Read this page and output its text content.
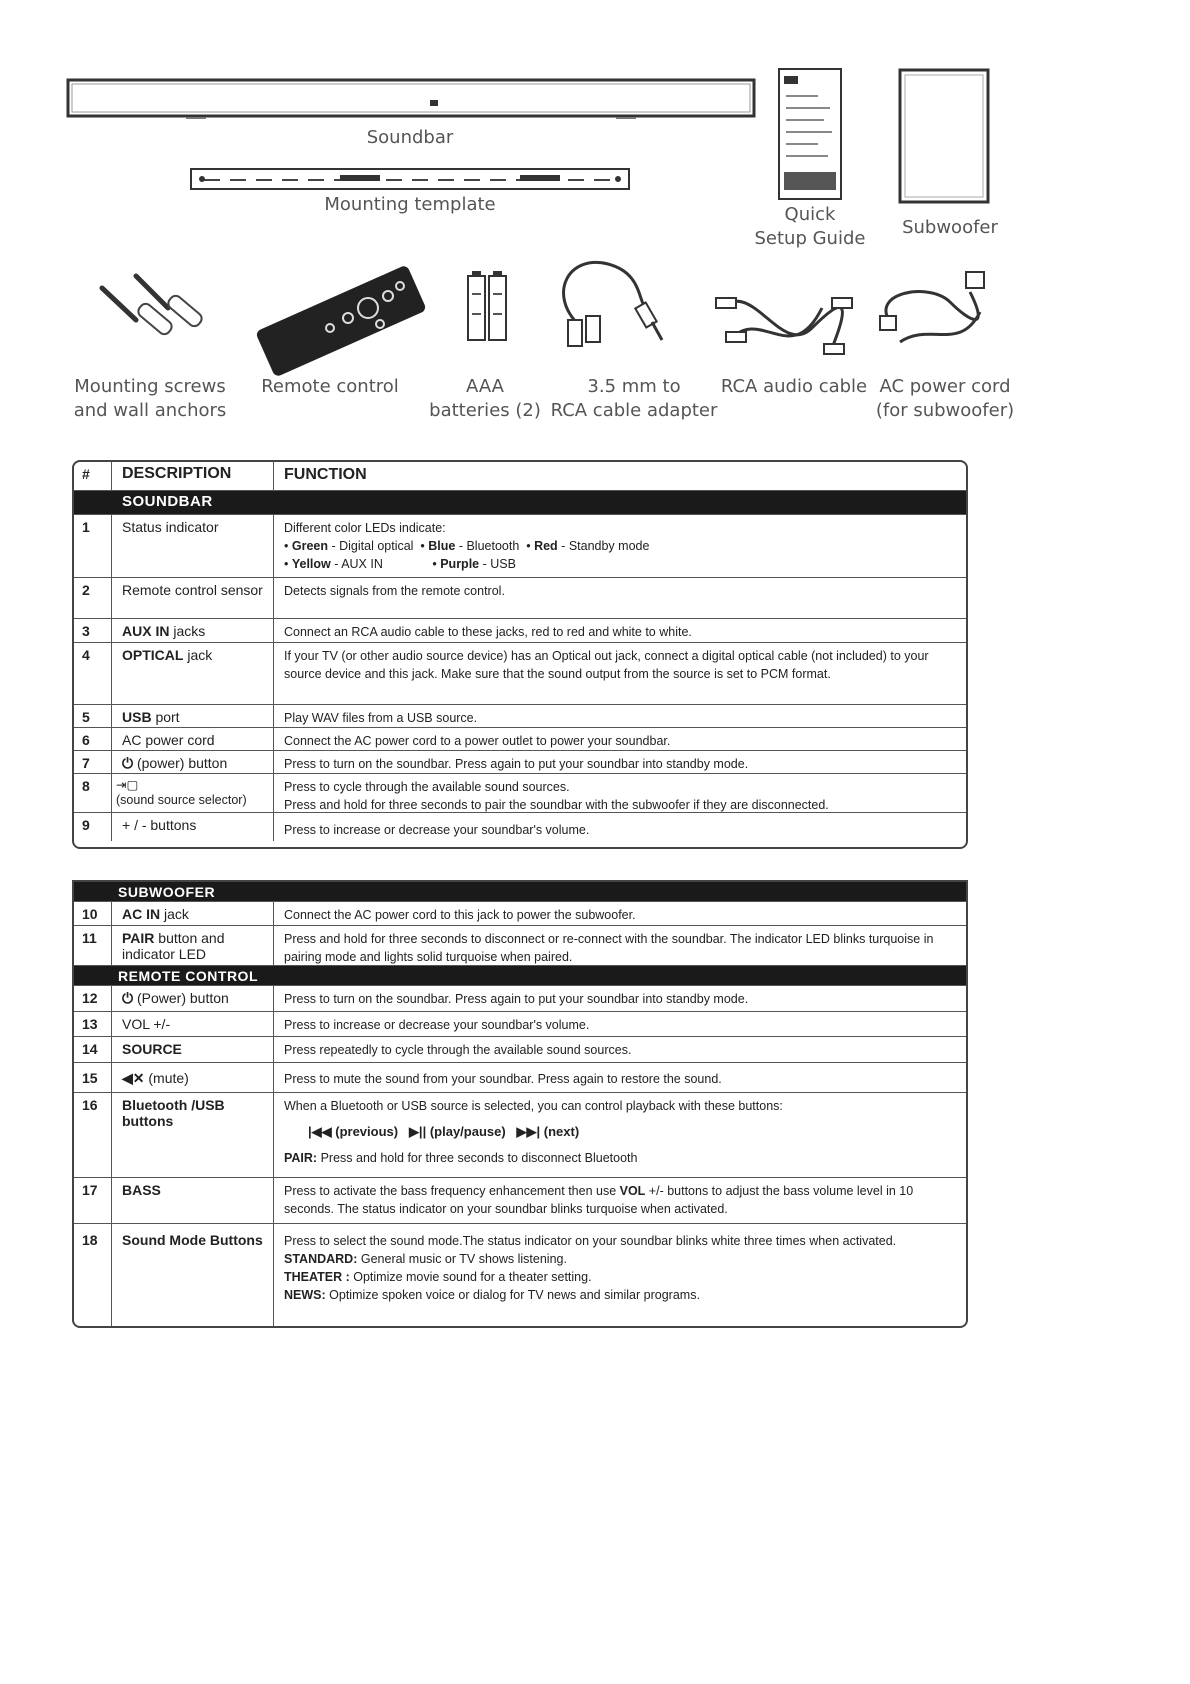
Soundbar
Mounting template	Quick
Setup Guide
Subwoofer
Mounting screws
and wall anchors
Remote control	AAA
batteries (2)
3.5 mm to
RCA cable adapter
RCA audio cable AC power cord
(for subwoofer)
#	DESCRIPTION	FUNCTION
SOUNDBAR
1	Status indicator	Different color LEDs indicate:
• Green - Digital optical  • Blue - Bluetooth  • Red - Standby mode
• Yellow - AUX IN	• Purple - USB
2	Remote control sensor	Detects signals from the remote control.
3	AUX IN jacks	Connect an RCA audio cable to these jacks, red to red and white to white.
4	OPTICAL jack	If your TV (or other audio source device) has an Optical out jack, connect a digital optical cable (not included) to your source device and this jack. Make sure that the sound output from the source is set to PCM format.
5	USB port	Play WAV files from a USB source.
6	AC power cord	Connect the AC power cord to a power outlet to power your soundbar.
7	⏻ (power) button	Press to turn on the soundbar. Press again to put your soundbar into standby mode.
8	⇥▢
(sound source selector)
Press to cycle through the available sound sources.
Press and hold for three seconds to pair the soundbar with the subwoofer if they are disconnected.
9	+ / - buttons	Press to increase or decrease your soundbar's volume.
SUBWOOFER
10	AC IN jack	Connect the AC power cord to this jack to power the subwoofer.
11	PAIR button and indicator LED
Press and hold for three seconds to disconnect or re-connect with the soundbar. The indicator LED blinks turquoise in pairing mode and lights solid turquoise when paired.
REMOTE CONTROL
12	⏻ (Power) button	Press to turn on the soundbar. Press again to put your soundbar into standby mode.
13	VOL +/-	Press to increase or decrease your soundbar's volume.
14	SOURCE	Press repeatedly to cycle through the available sound sources.
15	◀✕ (mute)	Press to mute the sound from your soundbar. Press again to restore the sound.
16	Bluetooth /USB buttons
When a Bluetooth or USB source is selected, you can control playback with these buttons:
|◀◀ (previous) ▶|| (play/pause) ▶▶| (next)
PAIR: Press and hold for three seconds to disconnect Bluetooth
17	BASS	Press to activate the bass frequency enhancement then use VOL +/- buttons to adjust the bass volume level in 10 seconds. The status indicator on your soundbar blinks turquoise when activated.
18	Sound Mode Buttons	Press to select the sound mode.The status indicator on your soundbar blinks white three times when activated.
STANDARD: General music or TV shows listening.
THEATER : Optimize movie sound for a theater setting.
NEWS: Optimize spoken voice or dialog for TV news and similar programs.
